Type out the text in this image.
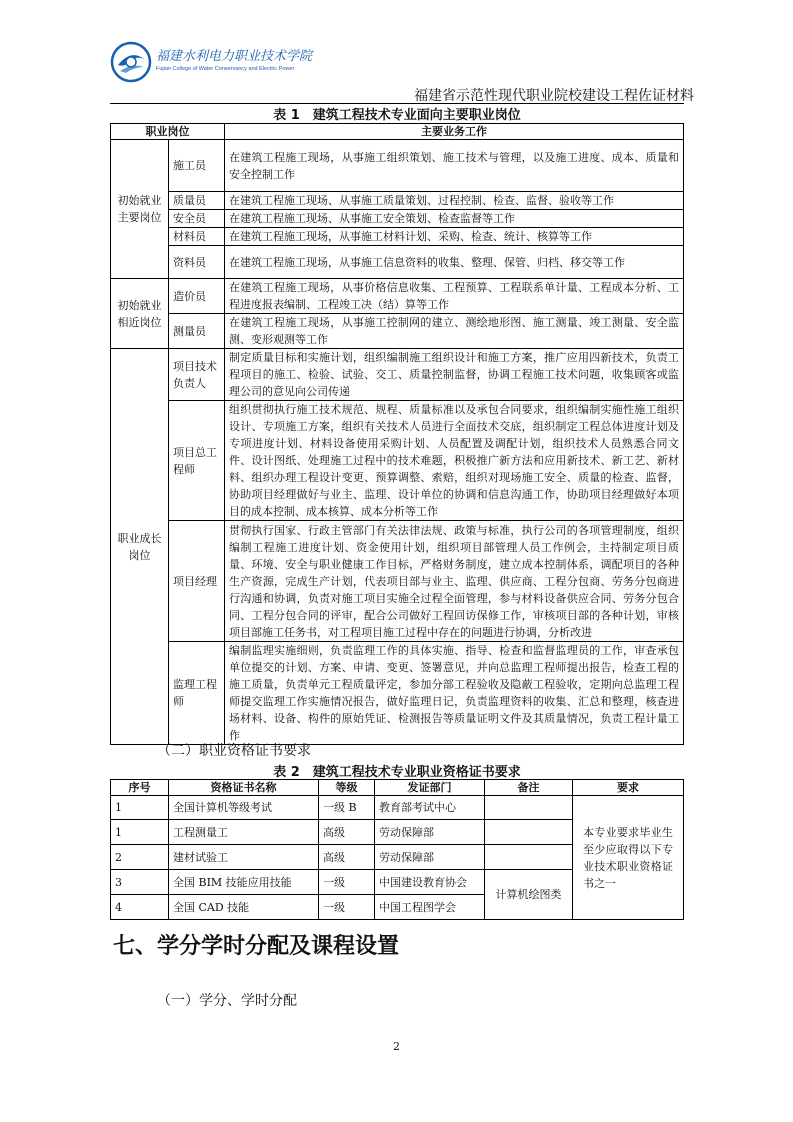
福建水利电力职业技术学院
Fujian College of Water Conservancy and Electric Power
福建省示范性现代职业院校建设工程佐证材料
表 1　建筑工程技术专业面向主要职业岗位
职业岗位		主要业务工作
初始就业主要岗位	施工员	在建筑工程施工现场，从事施工组织策划、施工技术与管理，以及施工进度、成本、质量和安全控制工作
	质量员	在建筑工程施工现场、从事施工质量策划、过程控制、检查、监督、验收等工作
	安全员	在建筑工程施工现场、从事施工安全策划、检查监督等工作
	材料员	在建筑工程施工现场，从事施工材料计划、采购、检查、统计、核算等工作
	资料员	在建筑工程施工现场，从事施工信息资料的收集、整理、保管、归档、移交等工作
初始就业相近岗位	造价员	在建筑工程施工现场，从事价格信息收集、工程预算、工程联系单计量、工程成本分析、工程进度报表编制、工程竣工决（结）算等工作
	测量员	在建筑工程施工现场，从事施工控制网的建立、测绘地形图、施工测量、竣工测量、安全监测、变形观测等工作
职业成长岗位	项目技术负责人	制定质量目标和实施计划，组织编制施工组织设计和施工方案，推广应用四新技术，负责工程项目的施工、检验、试验、交工、质量控制监督，协调工程施工技术问题，收集顾客或监理公司的意见向公司传递
	项目总工程师	组织贯彻执行施工技术规范、规程、质量标准以及承包合同要求，组织编制实施性施工组织设计、专项施工方案，组织有关技术人员进行全面技术交底，组织制定工程总体进度计划及专项进度计划、材料设备使用采购计划、人员配置及调配计划，组织技术人员熟悉合同文件、设计图纸、处理施工过程中的技术难题，积极推广新方法和应用新技术、新工艺、新材料、组织办理工程设计变更、预算调整、索赔，组织对现场施工安全、质量的检查、监督，协助项目经理做好与业主、监理、设计单位的协调和信息沟通工作，协助项目经理做好本项目的成本控制、成本核算、成本分析等工作
	项目经理	贯彻执行国家、行政主管部门有关法律法规、政策与标准，执行公司的各项管理制度，组织编制工程施工进度计划、资金使用计划，组织项目部管理人员工作例会，主持制定项目质量、环境、安全与职业健康工作目标，严格财务制度，建立成本控制体系，调配项目的各种生产资源，完成生产计划，代表项目部与业主、监理、供应商、工程分包商、劳务分包商进行沟通和协调，负责对施工项目实施全过程全面管理，参与材料设备供应合同、劳务分包合同、工程分包合同的评审，配合公司做好工程回访保修工作，审核项目部的各种计划，审核项目部施工任务书，对工程项目施工过程中存在的问题进行协调，分析改进
	监理工程师	编制监理实施细则，负责监理工作的具体实施、指导、检查和监督监理员的工作，审查承包单位提交的计划、方案、申请、变更、签署意见，并向总监理工程师提出报告，检查工程的施工质量，负责单元工程质量评定，参加分部工程验收及隐蔽工程验收，定期向总监理工程师提交监理工作实施情况报告，做好监理日记，负责监理资料的收集、汇总和整理，核查进场材料、设备、构件的原始凭证、检测报告等质量证明文件及其质量情况，负责工程计量工作
（二）职业资格证书要求
表 2　建筑工程技术专业职业资格证书要求
序号	资格证书名称	等级	发证部门	备注	要求
1	全国计算机等级考试	一级 B	教育部考试中心		本专业要求毕业生至少应取得以下专业技术职业资格证书之一
1	工程测量工	高级	劳动保障部		
2	建材试验工	高级	劳动保障部		
3	全国 BIM 技能应用技能	一级	中国建设教育协会	计算机绘图类	
4	全国 CAD 技能	一级	中国工程图学会		
七、学分学时分配及课程设置
（一）学分、学时分配
2
